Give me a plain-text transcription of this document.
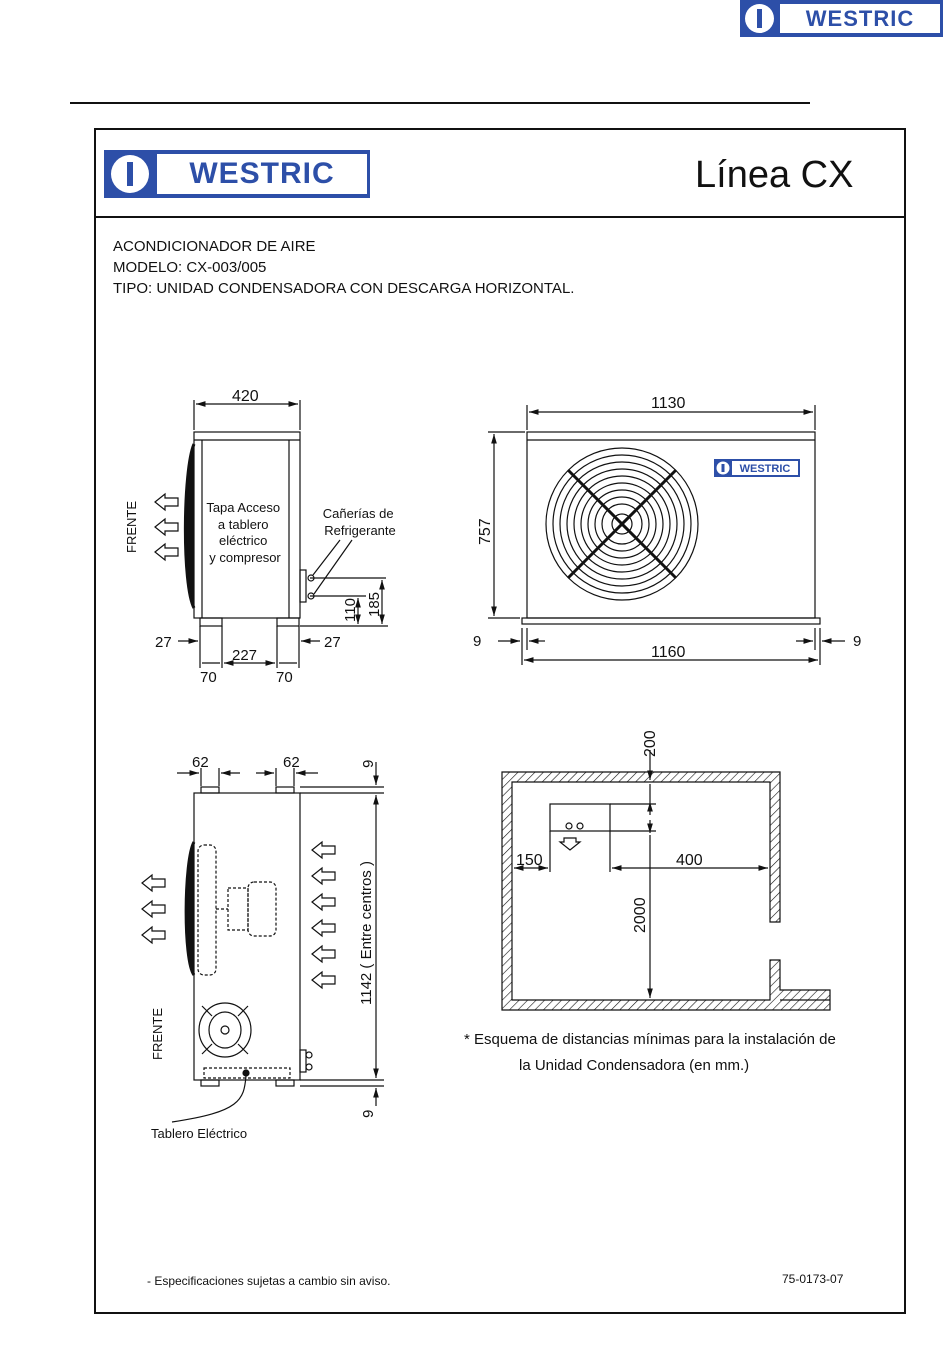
WESTRIC
WESTRIC	Línea CX
ACONDICIONADOR DE AIRE
MODELO: CX-003/005
TIPO: UNIDAD CONDENSADORA CON DESCARGA HORIZONTAL.
420
FRENTE	Tapa Acceso a tablero eléctrico y compresor
Cañerías de Refrigerante
110 185
27	27
227
70	70
WESTRIC
1130
757
1160
9	9
62	62	9
9
1142 ( Entre centros )
FRENTE
Tablero Eléctrico
200
150	400
2000
* Esquema de distancias mínimas para la instalación de
la Unidad Condensadora (en mm.)
- Especificaciones sujetas a cambio sin aviso.	75-0173-07
